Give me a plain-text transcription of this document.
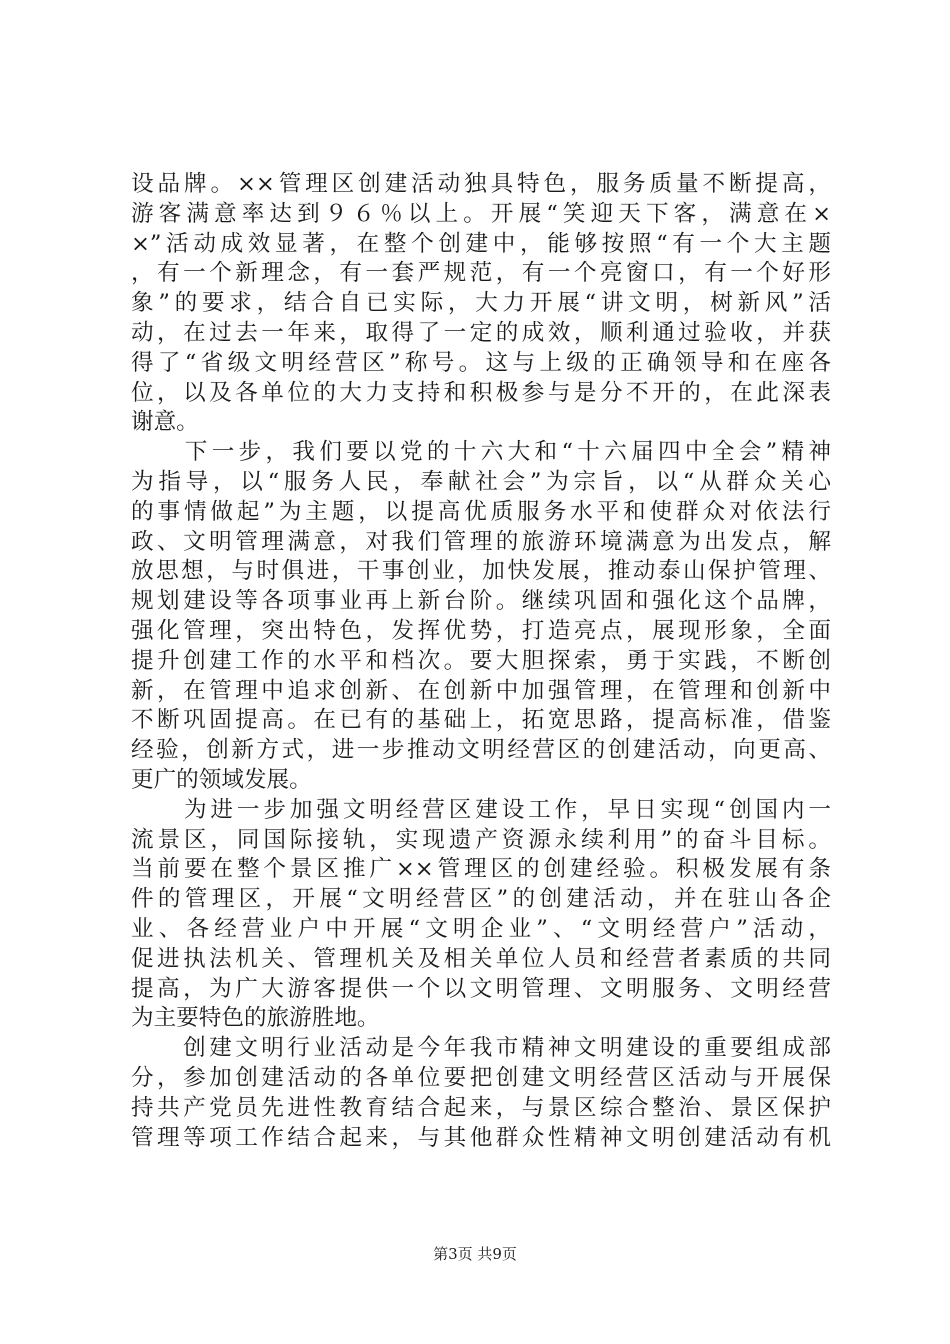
设品牌。××管理区创建活动独具特色，服务质量不断提高，
游客满意率达到９６％以上。开展“笑迎天下客，满意在×
×”活动成效显著，在整个创建中，能够按照“有一个大主题
，有一个新理念，有一套严规范，有一个亮窗口，有一个好形
象”的要求，结合自已实际，大力开展“讲文明，树新风”活
动，在过去一年来，取得了一定的成效，顺利通过验收，并获
得了“省级文明经营区”称号。这与上级的正确领导和在座各
位，以及各单位的大力支持和积极参与是分不开的，在此深表
谢意。
　　下一步，我们要以党的十六大和“十六届四中全会”精神
为指导，以“服务人民，奉献社会”为宗旨，以“从群众关心
的事情做起”为主题，以提高优质服务水平和使群众对依法行
政、文明管理满意，对我们管理的旅游环境满意为出发点，解
放思想，与时俱进，干事创业，加快发展，推动泰山保护管理、
规划建设等各项事业再上新台阶。继续巩固和强化这个品牌，
强化管理，突出特色，发挥优势，打造亮点，展现形象，全面
提升创建工作的水平和档次。要大胆探索，勇于实践，不断创
新，在管理中追求创新、在创新中加强管理，在管理和创新中
不断巩固提高。在已有的基础上，拓宽思路，提高标准，借鉴
经验，创新方式，进一步推动文明经营区的创建活动，向更高、
更广的领域发展。
　　为进一步加强文明经营区建设工作，早日实现“创国内一
流景区，同国际接轨，实现遗产资源永续利用”的奋斗目标。
当前要在整个景区推广××管理区的创建经验。积极发展有条
件的管理区，开展“文明经营区”的创建活动，并在驻山各企
业、各经营业户中开展“文明企业”、“文明经营户”活动，
促进执法机关、管理机关及相关单位人员和经营者素质的共同
提高，为广大游客提供一个以文明管理、文明服务、文明经营
为主要特色的旅游胜地。
　　创建文明行业活动是今年我市精神文明建设的重要组成部
分，参加创建活动的各单位要把创建文明经营区活动与开展保
持共产党员先进性教育结合起来，与景区综合整治、景区保护
管理等项工作结合起来，与其他群众性精神文明创建活动有机
第3页 共9页
